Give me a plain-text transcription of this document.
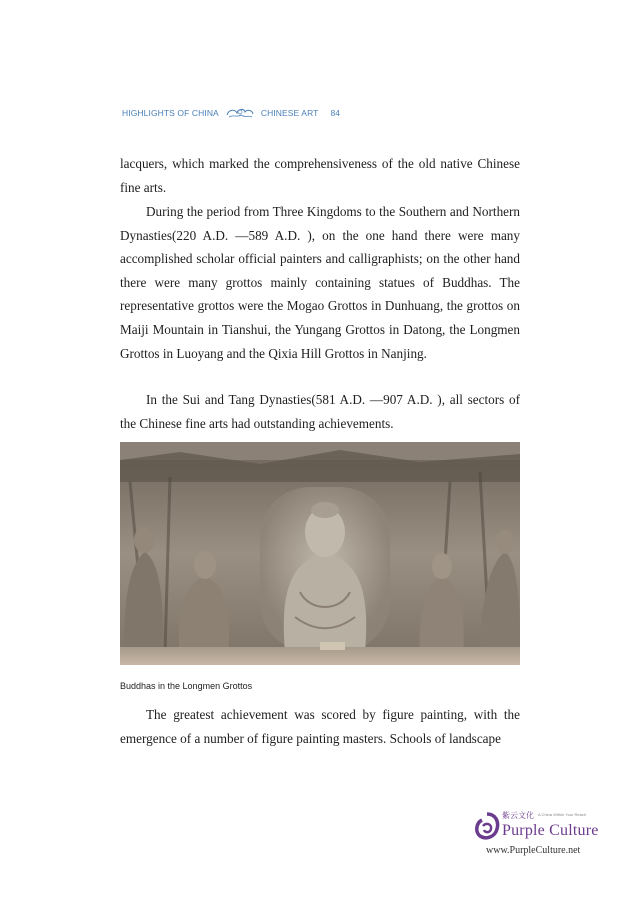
HIGHLIGHTS OF CHINA	CHINESE ART 84

lacquers, which marked the comprehensiveness of the old native Chinese fine arts.

During the period from Three Kingdoms to the Southern and Northern Dynasties(220 A.D. —589 A.D. ), on the one hand there were many accomplished scholar official painters and calligraphists; on the other hand there were many grottos mainly containing statues of Buddhas. The representative grottos were the Mogao Grottos in Dunhuang, the grottos on Maiji Mountain in Tianshui, the Yungang Grottos in Datong, the Longmen Grottos in Luoyang and the Qixia Hill Grottos in Nanjing.

In the Sui and Tang Dynasties(581 A.D. —907 A.D. ), all sectors of the Chinese fine arts had outstanding achievements.

Buddhas in the Longmen Grottos

The greatest achievement was scored by figure painting, with the emergence of a number of figure painting masters. Schools of landscape

紫云文化 A China Within Your Reach
Purple Culture
www.PurpleCulture.net
